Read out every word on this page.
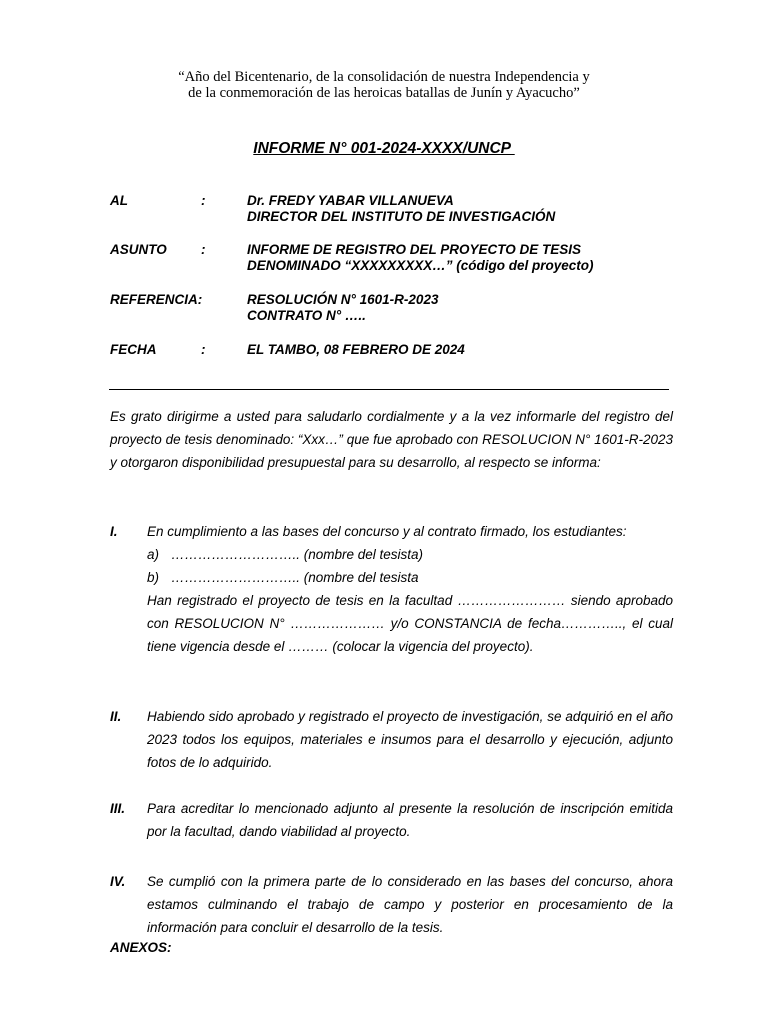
“Año del Bicentenario, de la consolidación de nuestra Independencia y
de la conmemoración de las heroicas batallas de Junín y Ayacucho”
INFORME N° 001-2024-XXXX/UNCP
AL	:	Dr. FREDY YABAR VILLANUEVA
DIRECTOR DEL INSTITUTO DE INVESTIGACIÓN
ASUNTO	:	INFORME DE REGISTRO DEL PROYECTO DE TESIS
DENOMINADO “XXXXXXXXX…” (código del proyecto)
REFERENCIA:	RESOLUCIÓN N° 1601-R-2023
CONTRATO N° …..
FECHA	:	EL TAMBO, 08 FEBRERO DE 2024
Es grato dirigirme a usted para saludarlo cordialmente y a la vez informarle del registro del proyecto de tesis denominado: “Xxx…” que fue aprobado con RESOLUCION N° 1601-R-2023 y otorgaron disponibilidad presupuestal para su desarrollo, al respecto se informa:
I.	En cumplimiento a las bases del concurso y al contrato firmado, los estudiantes:
a) ……………………….. (nombre del tesista)
b) ……………………….. (nombre del tesista
Han registrado el proyecto de tesis en la facultad …………………… siendo aprobado con RESOLUCION N° ………………… y/o CONSTANCIA de fecha………….., el cual tiene vigencia desde el ……… (colocar la vigencia del proyecto).
II.	Habiendo sido aprobado y registrado el proyecto de investigación, se adquirió en el año 2023 todos los equipos, materiales e insumos para el desarrollo y ejecución, adjunto fotos de lo adquirido.
III.	Para acreditar lo mencionado adjunto al presente la resolución de inscripción emitida por la facultad, dando viabilidad al proyecto.
IV.	Se cumplió con la primera parte de lo considerado en las bases del concurso, ahora estamos culminando el trabajo de campo y posterior en procesamiento de la información para concluir el desarrollo de la tesis.
ANEXOS:
